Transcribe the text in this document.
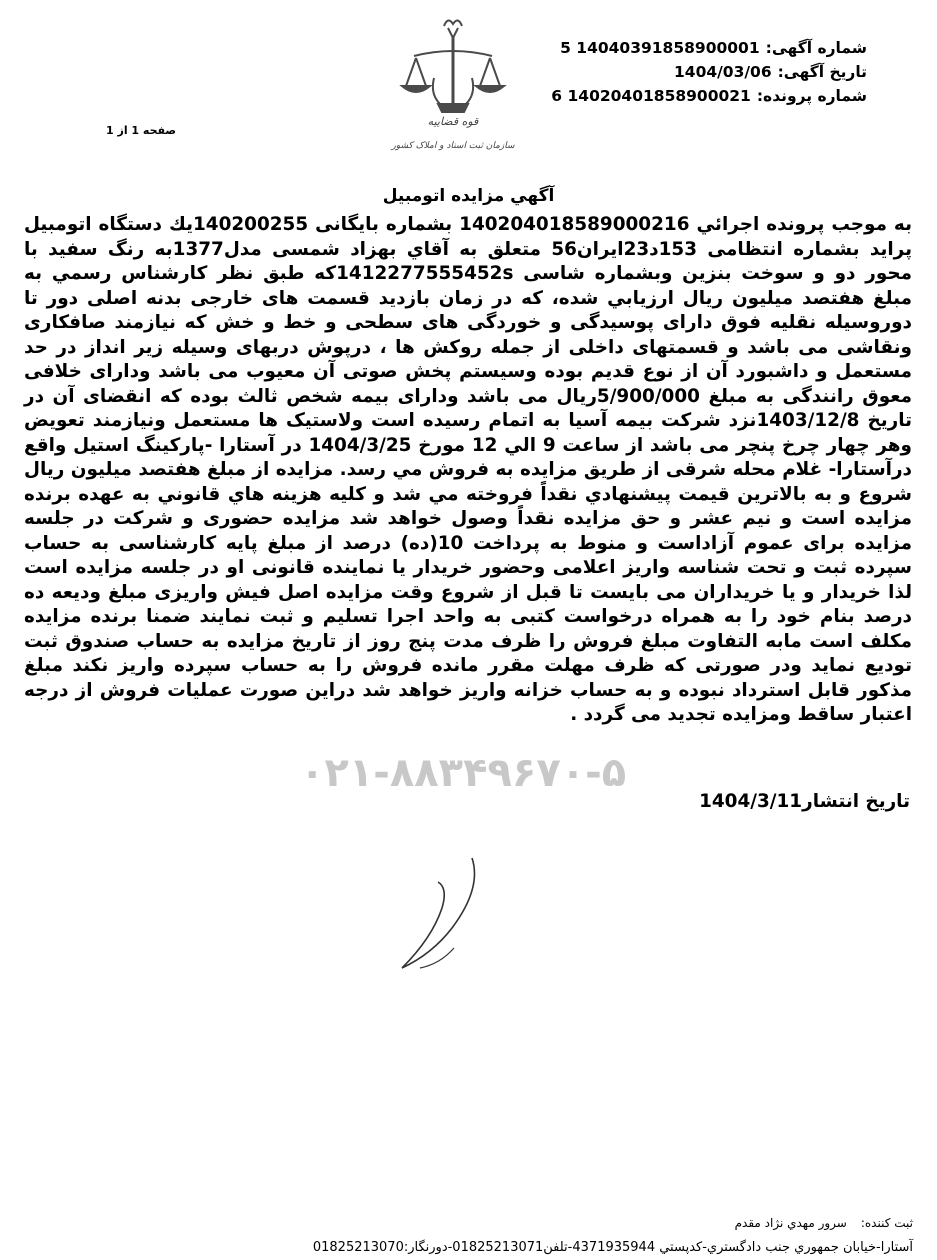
قوه قضاییه
سازمان ثبت اسناد و املاک کشور
شماره آگهی:14040391858900001 5
تاریخ آگهی:1404/03/06
شماره پرونده:14020401858900021 6
صفحه 1 از 1
آگهي مزايده اتومبيل

به موجب پرونده اجرائي 140204018589000216 بشماره بايگانی 140200255يك دستگاه اتومبيل پرايد بشماره انتظامی 153د23ايران56 متعلق به آقاي بهزاد شمسی مدل1377به رنگ سفيد با محور دو و سوخت بنزين وبشماره شاسی 1412277555452sكه طبق نظر كارشناس رسمي به مبلغ هفتصد ميليون ريال ارزيابي شده، كه در زمان بازديد قسمت های خارجی بدنه اصلی دور تا دوروسيله نقليه فوق دارای پوسيدگی و خوردگی های سطحی و خط و خش كه نيازمند صافكاری ونقاشی می باشد و قسمتهای داخلی از جمله روكش ها ، درپوش دربهای وسيله زير انداز در حد مستعمل و داشبورد آن از نوع قديم بوده وسيستم پخش صوتی آن معيوب می باشد ودارای خلافی معوق رانندگی به مبلغ 5/900/000ريال می باشد ودارای بيمه شخص ثالث بوده كه انقضای آن در تاريخ 1403/12/8نزد شركت بيمه آسيا به اتمام رسيده است ولاستيک ها مستعمل ونيازمند تعويض وهر چهار چرخ پنچر می باشد از ساعت 9 الي 12 مورخ 1404/3/25 در آستارا -پاركينگ استيل واقع درآستارا- غلام محله شرقی از طريق مزايده به فروش مي رسد. مزايده از مبلغ هفتصد ميليون ريال شروع و به بالاترين قيمت پيشنهادي نقداً فروخته مي شد و كليه هزينه هاي قانوني به عهده برنده مزايده است و نيم عشر و حق مزايده نقداً وصول خواهد شد مزايده حضوری و شركت در جلسه مزايده برای عموم آزاداست و منوط به پرداخت 10(ده) درصد از مبلغ پايه كارشناسی به حساب سپرده ثبت و تحت شناسه واريز اعلامی وحضور خريدار يا نماينده قانونی او در جلسه مزايده است لذا خريدار و يا خريداران می بايست تا قبل از شروع وقت مزايده اصل فيش واريزی مبلغ وديعه ده درصد بنام خود را به همراه درخواست كتبی به واحد اجرا تسليم و ثبت نمايند ضمنا برنده مزايده مكلف است مابه التفاوت مبلغ فروش را ظرف مدت پنج روز از تاريخ مزايده به حساب صندوق ثبت توديع نمايد ودر صورتی كه ظرف مهلت مقرر مانده فروش را به حساب سپرده واريز نكند مبلغ مذكور قابل استرداد نبوده و به حساب خزانه واريز خواهد شد دراين صورت عمليات فروش از درجه اعتبار ساقط ومزايده تجديد می گردد .

۰۲۱-۸۸۳۴۹۶۷۰-۵
تاريخ انتشار1404/3/11
ثبت كننده:سرور مهدي نژاد مقدم
آستارا-خيابان جمهوري جنب دادگستري-كدپستي 4371935944-تلفن01825213071-دورنگار:01825213070
